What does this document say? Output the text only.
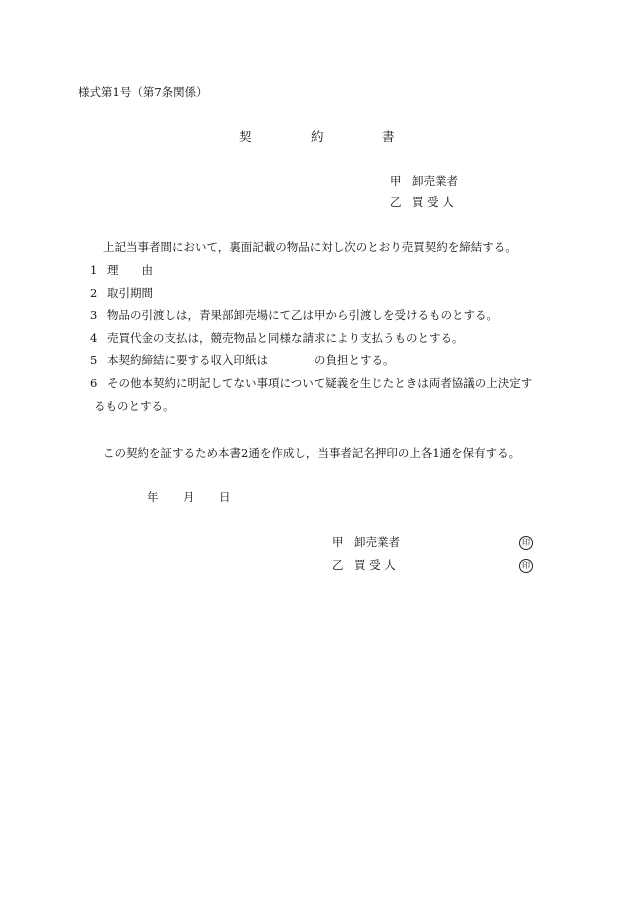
様式第1号（第7条関係）
契	約	書
甲 卸売業者
乙 買 受 人
上記当事者間において，裏面記載の物品に対し次のとおり売買契約を締結する。
1 理　　由
2 取引期間
3 物品の引渡しは，青果部卸売場にて乙は甲から引渡しを受けるものとする。
4 売買代金の支払は，競売物品と同様な請求により支払うものとする。
5 本契約締結に要する収入印紙は	の負担とする。
6 その他本契約に明記してない事項について疑義を生じたときは両者協議の上決定す
るものとする。
この契約を証するため本書2通を作成し，当事者記名押印の上各1通を保有する。
年 月 日
甲 卸売業者	印
乙 買 受 人	印
